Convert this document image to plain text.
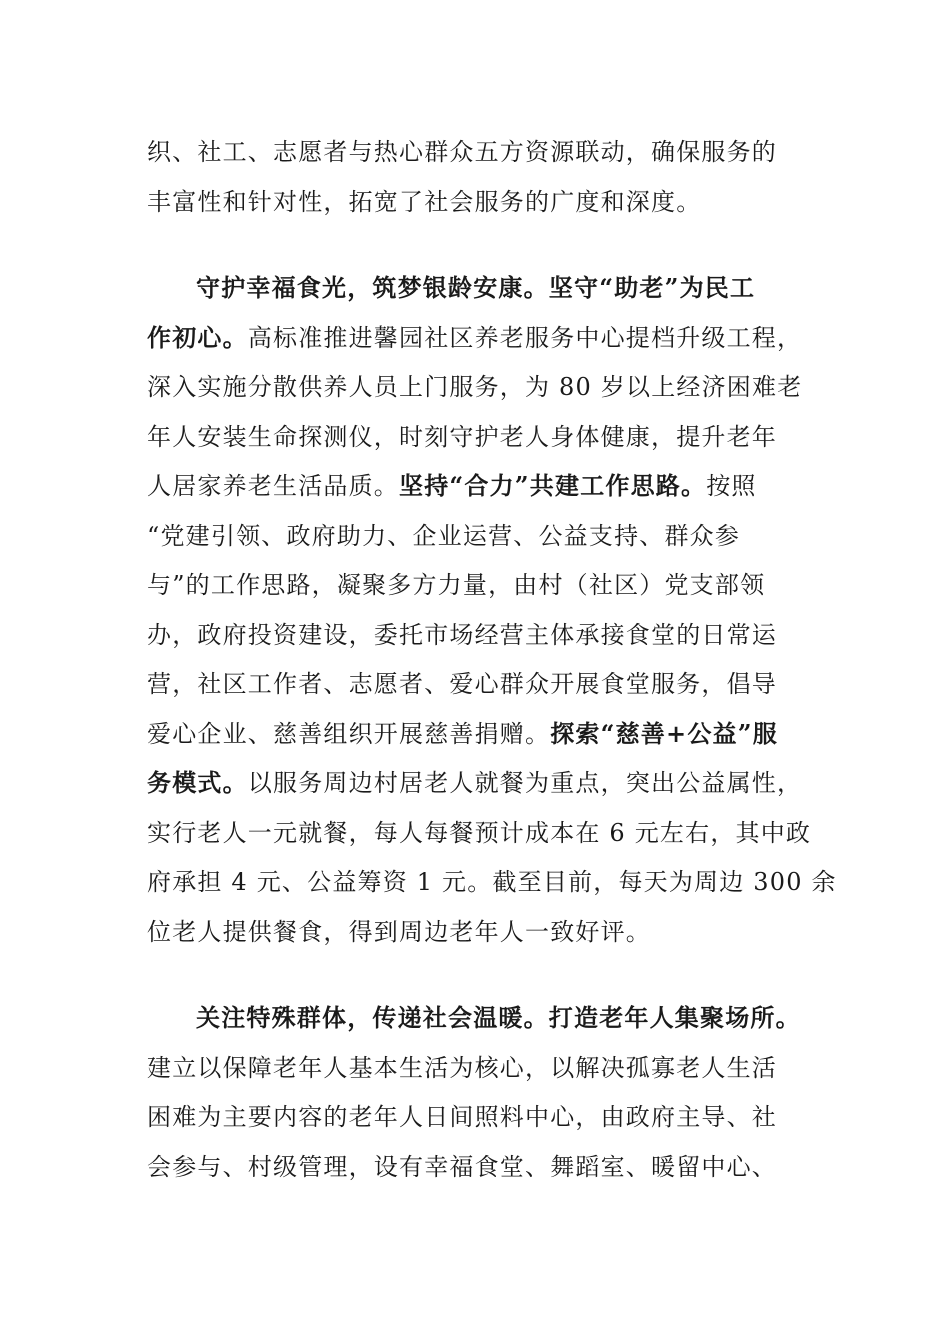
织、社工、志愿者与热心群众五方资源联动，确保服务的
丰富性和针对性，拓宽了社会服务的广度和深度。
守护幸福食光，筑梦银龄安康。坚守“助老”为民工
作初心。高标准推进馨园社区养老服务中心提档升级工程，
深入实施分散供养人员上门服务，为 80 岁以上经济困难老
年人安装生命探测仪，时刻守护老人身体健康，提升老年
人居家养老生活品质。坚持“合力”共建工作思路。按照
“党建引领、政府助力、企业运营、公益支持、群众参
与”的工作思路，凝聚多方力量，由村（社区）党支部领
办，政府投资建设，委托市场经营主体承接食堂的日常运
营，社区工作者、志愿者、爱心群众开展食堂服务，倡导
爱心企业、慈善组织开展慈善捐赠。探索“慈善+公益”服
务模式。以服务周边村居老人就餐为重点，突出公益属性，
实行老人一元就餐，每人每餐预计成本在 6 元左右，其中政
府承担 4 元、公益筹资 1 元。截至目前，每天为周边 300 余
位老人提供餐食，得到周边老年人一致好评。
关注特殊群体，传递社会温暖。打造老年人集聚场所。
建立以保障老年人基本生活为核心，以解决孤寡老人生活
困难为主要内容的老年人日间照料中心，由政府主导、社
会参与、村级管理，设有幸福食堂、舞蹈室、暖留中心、
